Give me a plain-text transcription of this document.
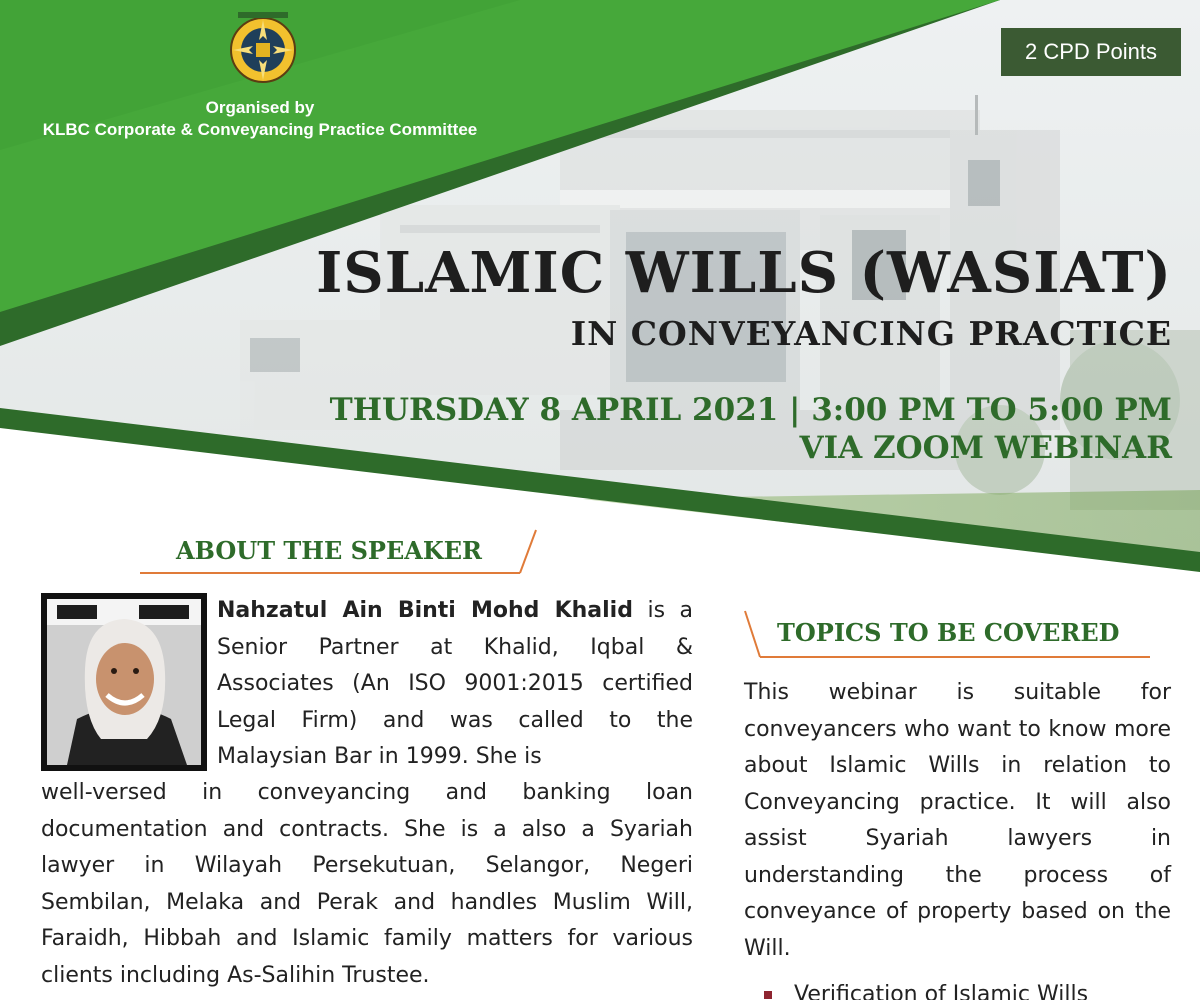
Organised by
KLBC Corporate & Conveyancing Practice Committee
2 CPD Points
ISLAMIC WILLS (WASIAT)
IN CONVEYANCING PRACTICE
THURSDAY 8 APRIL 2021 | 3:00 PM TO 5:00 PM
VIA ZOOM WEBINAR
ABOUT THE SPEAKER
Nahzatul Ain Binti Mohd Khalid is a Senior Partner at Khalid, Iqbal & Associates (An ISO 9001:2015 certified Legal Firm) and was called to the Malaysian Bar in 1999. She is
well-versed in conveyancing and banking loan documentation and contracts. She is a also a Syariah lawyer in Wilayah Persekutuan, Selangor, Negeri Sembilan, Melaka and Perak and handles Muslim Will, Faraidh, Hibbah and Islamic family matters for various clients including As-Salihin Trustee.
TOPICS TO BE COVERED
This webinar is suitable for conveyancers who want to know more about Islamic Wills in relation to Conveyancing practice. It will also assist Syariah lawyers in understanding the process of conveyance of property based on the Will.
Verification of Islamic Wills
